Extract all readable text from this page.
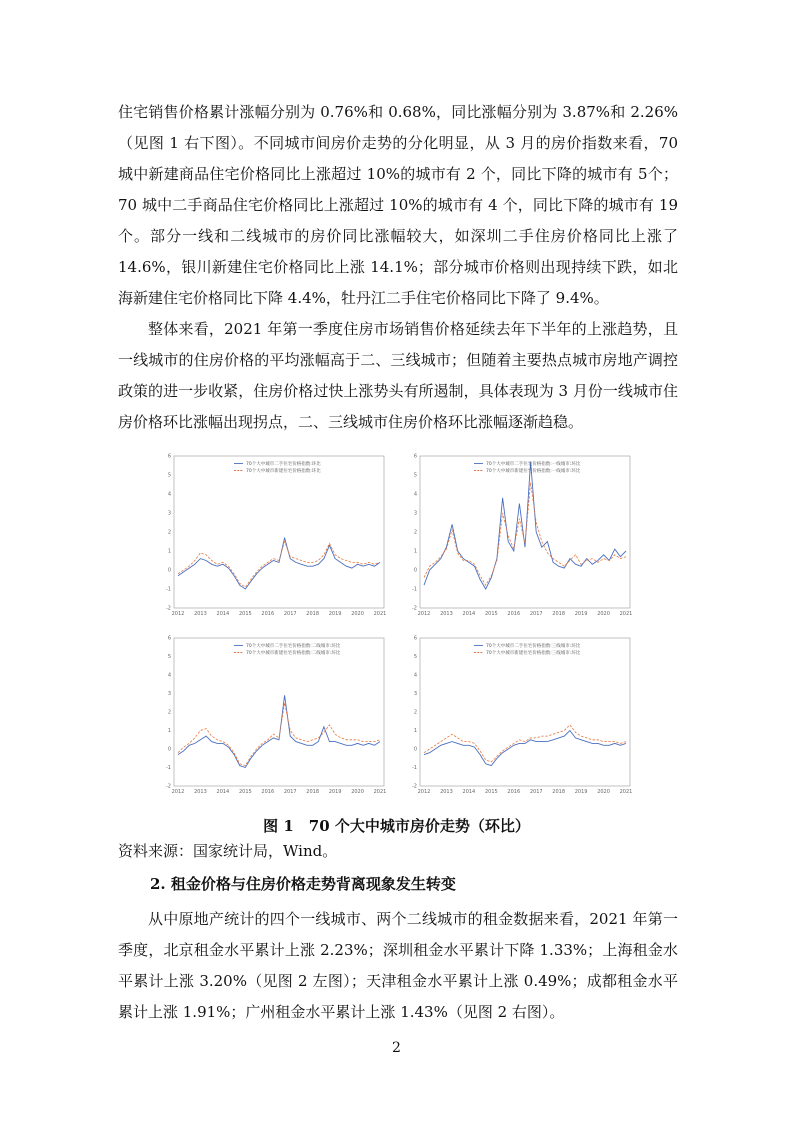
住宅销售价格累计涨幅分别为 0.76%和 0.68%，同比涨幅分别为 3.87%和 2.26%（见图 1 右下图）。不同城市间房价走势的分化明显，从 3 月的房价指数来看，70 城中新建商品住宅价格同比上涨超过 10%的城市有 2 个，同比下降的城市有 5个；70 城中二手商品住宅价格同比上涨超过 10%的城市有 4 个，同比下降的城市有 19 个。部分一线和二线城市的房价同比涨幅较大，如深圳二手住房价格同比上涨了 14.6%，银川新建住宅价格同比上涨 14.1%；部分城市价格则出现持续下跌，如北海新建住宅价格同比下降 4.4%，牡丹江二手住宅价格同比下降了 9.4%。

整体来看，2021 年第一季度住房市场销售价格延续去年下半年的上涨趋势，且一线城市的住房价格的平均涨幅高于二、三线城市；但随着主要热点城市房地产调控政策的进一步收紧，住房价格过快上涨势头有所遏制，具体表现为 3 月份一线城市住房价格环比涨幅出现拐点，二、三线城市住房价格环比涨幅逐渐趋稳。

-2
-1
0
1
2
3
4
5
6
2012 2013 2014 2015 2016 2017 2018 2019 2020 2021
70个大中城市二手住宅价格指数:环比
70个大中城市新建住宅价格指数:环比
-2
-1
0
1
2
3
4
5
6
2012 2013 2014 2015 2016 2017 2018 2019 2020 2021
70个大中城市二手住宅价格指数:一线城市:环比
70个大中城市新建住宅价格指数:一线城市:环比
-2
-1
0
1
2
3
4
5
6
2012 2013 2014 2015 2016 2017 2018 2019 2020 2021
70个大中城市二手住宅价格指数:二线城市:环比
70个大中城市新建住宅价格指数:二线城市:环比
-2
-1
0
1
2
3
4
5
6
2012 2013 2014 2015 2016 2017 2018 2019 2020 2021
70个大中城市二手住宅价格指数:三线城市:环比
70个大中城市新建住宅价格指数:三线城市:环比
图 1　70 个大中城市房价走势（环比）
资料来源：国家统计局，Wind。
2. 租金价格与住房价格走势背离现象发生转变

从中原地产统计的四个一线城市、两个二线城市的租金数据来看，2021 年第一季度，北京租金水平累计上涨 2.23%；深圳租金水平累计下降 1.33%；上海租金水平累计上涨 3.20%（见图 2 左图）；天津租金水平累计上涨 0.49%；成都租金水平累计上涨 1.91%；广州租金水平累计上涨 1.43%（见图 2 右图）。

2
